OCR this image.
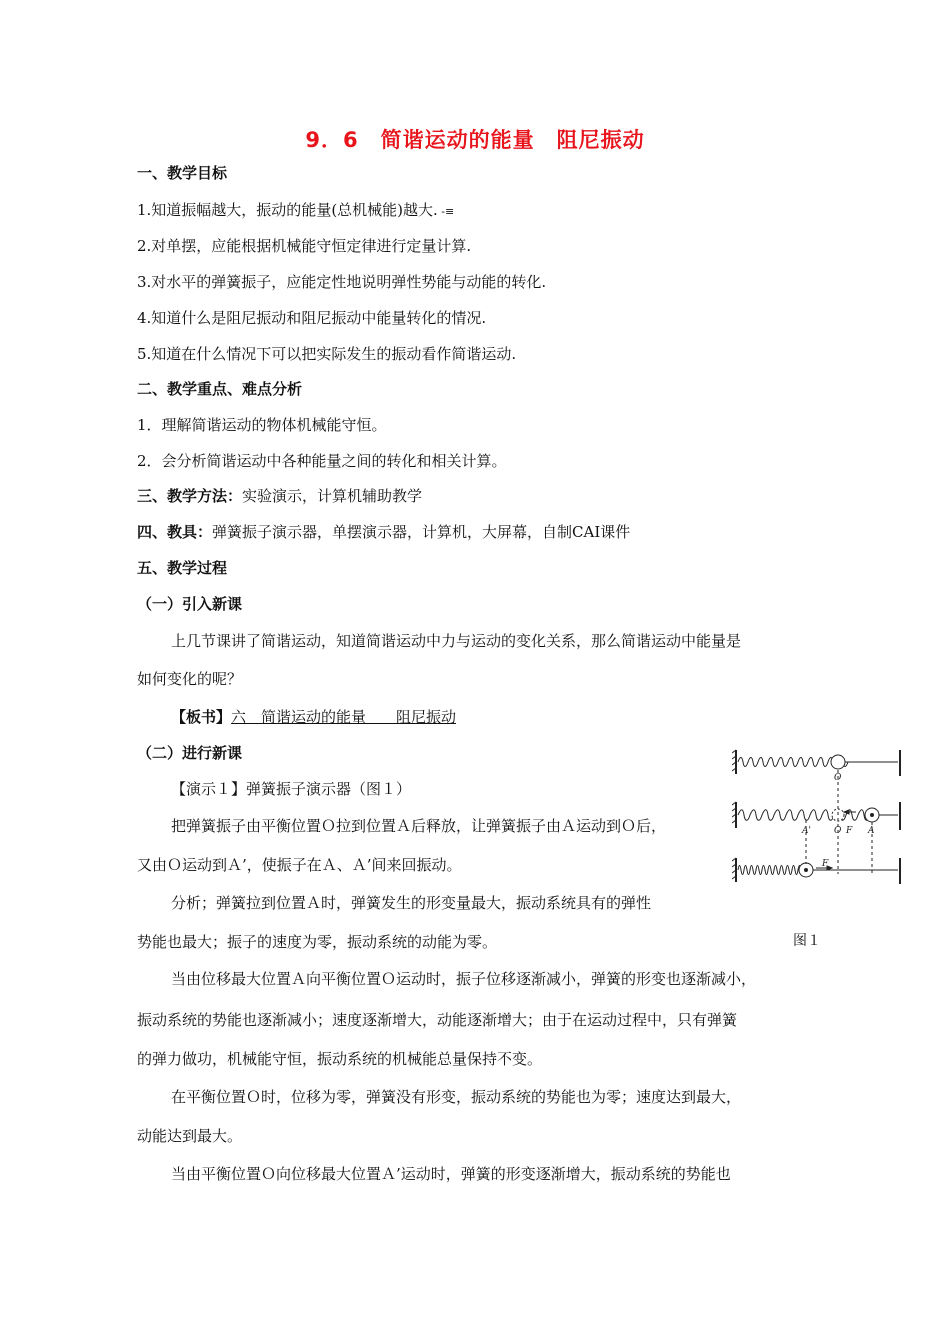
9．6　简谐运动的能量　阻尼振动
一、教学目标
1.知道振幅越大，振动的能量(总机械能)越大. -≡
2.对单摆，应能根据机械能守恒定律进行定量计算.
3.对水平的弹簧振子，应能定性地说明弹性势能与动能的转化.
4.知道什么是阻尼振动和阻尼振动中能量转化的情况.
5.知道在什么情况下可以把实际发生的振动看作简谐运动.
二、教学重点、难点分析
1．理解简谐运动的物体机械能守恒。
2．会分析简谐运动中各种能量之间的转化和相关计算。
三、教学方法：实验演示，计算机辅助教学
四、教具：弹簧振子演示器，单摆演示器，计算机，大屏幕，自制CAI课件
五、教学过程
（一）引入新课
上几节课讲了简谐运动，知道简谐运动中力与运动的变化关系，那么简谐运动中能量是
如何变化的呢？
【板书】六　简谐运动的能量　　阻尼振动
（二）进行新课
【演示１】弹簧振子演示器（图１）
把弹簧振子由平衡位置Ｏ拉到位置Ａ后释放，让弹簧振子由Ａ运动到Ｏ后，
又由Ｏ运动到Ａ’，使振子在Ａ、Ａ’间来回振动。
分析；弹簧拉到位置Ａ时，弹簧发生的形变量最大，振动系统具有的弹性
势能也最大；振子的速度为零，振动系统的动能为零。
当由位移最大位置Ａ向平衡位置Ｏ运动时，振子位移逐渐减小，弹簧的形变也逐渐减小，
振动系统的势能也逐渐减小；速度逐渐增大，动能逐渐增大；由于在运动过程中，只有弹簧
的弹力做功，机械能守恒，振动系统的机械能总量保持不变。
在平衡位置Ｏ时，位移为零，弹簧没有形变，振动系统的势能也为零；速度达到最大，
动能达到最大。
当由平衡位置Ｏ向位移最大位置Ａ’运动时，弹簧的形变逐渐增大，振动系统的势能也
O
A'	O F A
F
图１
